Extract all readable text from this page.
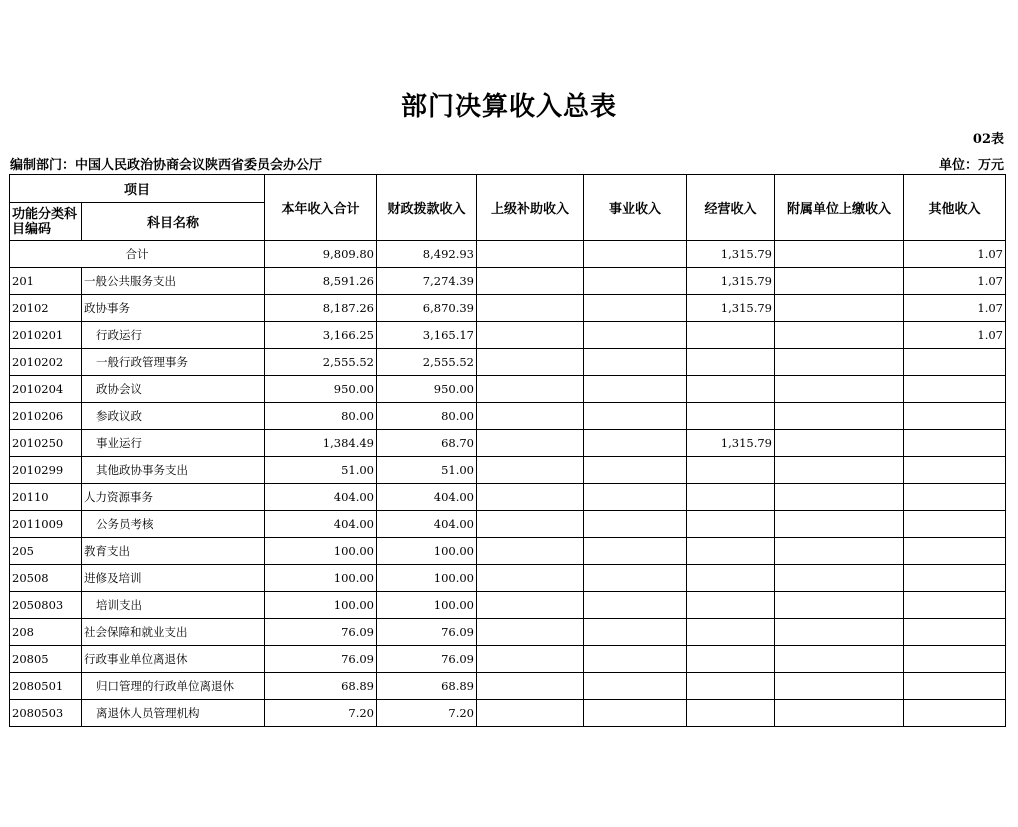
部门决算收入总表
02表
编制部门：中国人民政治协商会议陕西省委员会办公厅	单位：万元
项目		本年收入合计	财政拨款收入	上级补助收入	事业收入	经营收入	附属单位上缴收入	其他收入
功能分类科目编码	科目名称							
合计		9,809.80	8,492.93			1,315.79		1.07
201	一般公共服务支出	8,591.26	7,274.39			1,315.79		1.07
20102	政协事务	8,187.26	6,870.39			1,315.79		1.07
2010201	行政运行	3,166.25	3,165.17					1.07
2010202	一般行政管理事务	2,555.52	2,555.52					
2010204	政协会议	950.00	950.00					
2010206	参政议政	80.00	80.00					
2010250	事业运行	1,384.49	68.70			1,315.79		
2010299	其他政协事务支出	51.00	51.00					
20110	人力资源事务	404.00	404.00					
2011009	公务员考核	404.00	404.00					
205	教育支出	100.00	100.00					
20508	进修及培训	100.00	100.00					
2050803	培训支出	100.00	100.00					
208	社会保障和就业支出	76.09	76.09					
20805	行政事业单位离退休	76.09	76.09					
2080501	归口管理的行政单位离退休	68.89	68.89					
2080503	离退休人员管理机构	7.20	7.20					
